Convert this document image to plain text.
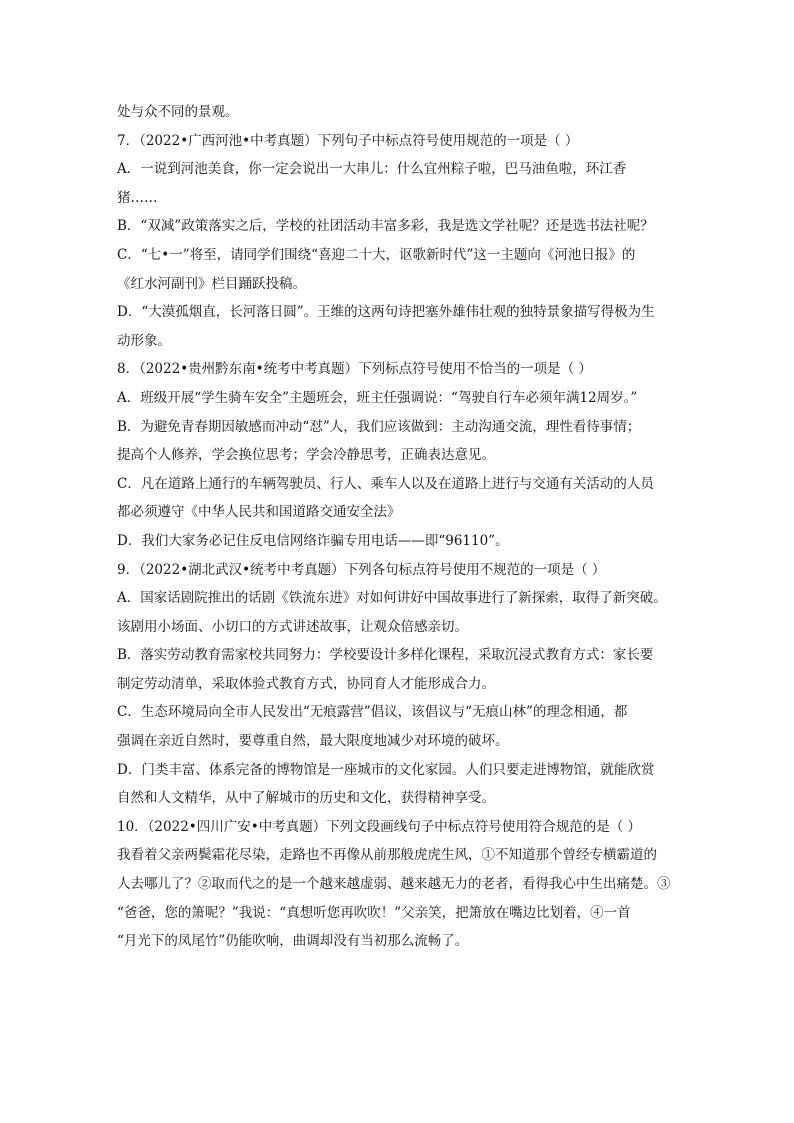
处与众不同的景观。
7．（2022•广西河池•中考真题）下列句子中标点符号使用规范的一项是（ ）
A．一说到河池美食，你一定会说出一大串儿：什么宜州粽子啦，巴马油鱼啦，环江香
猪……
B．“双减”政策落实之后，学校的社团活动丰富多彩，我是选文学社呢？还是选书法社呢？
C．“七•一”将至，请同学们围绕“喜迎二十大，讴歌新时代”这一主题向《河池日报》的
《红水河副刊》栏目踊跃投稿。
D．“大漠孤烟直，长河落日圆”。王维的这两句诗把塞外雄伟壮观的独特景象描写得极为生
动形象。
8．（2022•贵州黔东南•统考中考真题）下列标点符号使用不恰当的一项是（ ）
A．班级开展“学生骑车安全”主题班会，班主任强调说：“驾驶自行车必须年满12周岁。”
B．为避免青春期因敏感而冲动“怼”人，我们应该做到：主动沟通交流，理性看待事情；
提高个人修养，学会换位思考；学会冷静思考，正确表达意见。
C．凡在道路上通行的车辆驾驶员、行人、乘车人以及在道路上进行与交通有关活动的人员
都必须遵守《中华人民共和国道路交通安全法》
D．我们大家务必记住反电信网络诈骗专用电话——即“96110”。
9．（2022•湖北武汉•统考中考真题）下列各句标点符号使用不规范的一项是（ ）
A．国家话剧院推出的话剧《铁流东进》对如何讲好中国故事进行了新探索，取得了新突破。
该剧用小场面、小切口的方式讲述故事，让观众倍感亲切。
B．落实劳动教育需家校共同努力：学校要设计多样化课程，采取沉浸式教育方式：家长要
制定劳动清单，采取体验式教育方式，协同育人才能形成合力。
C．生态环境局向全市人民发出“无痕露营”倡议，该倡议与“无痕山林”的理念相通，都
强调在亲近自然时，要尊重自然，最大限度地减少对环境的破坏。
D．门类丰富、体系完备的博物馆是一座城市的文化家园。人们只要走进博物馆，就能欣赏
自然和人文精华，从中了解城市的历史和文化，获得精神享受。
10．（2022•四川广安•中考真题）下列文段画线句子中标点符号使用符合规范的是（ ）
我看着父亲两鬓霜花尽染，走路也不再像从前那般虎虎生风，①不知道那个曾经专横霸道的
人去哪儿了？②取而代之的是一个越来越虚弱、越来越无力的老者，看得我心中生出痛楚。③
“爸爸，您的箫呢？”我说：“真想听您再吹吹！”父亲笑，把箫放在嘴边比划着，④一首
“月光下的凤尾竹”仍能吹响，曲调却没有当初那么流畅了。
